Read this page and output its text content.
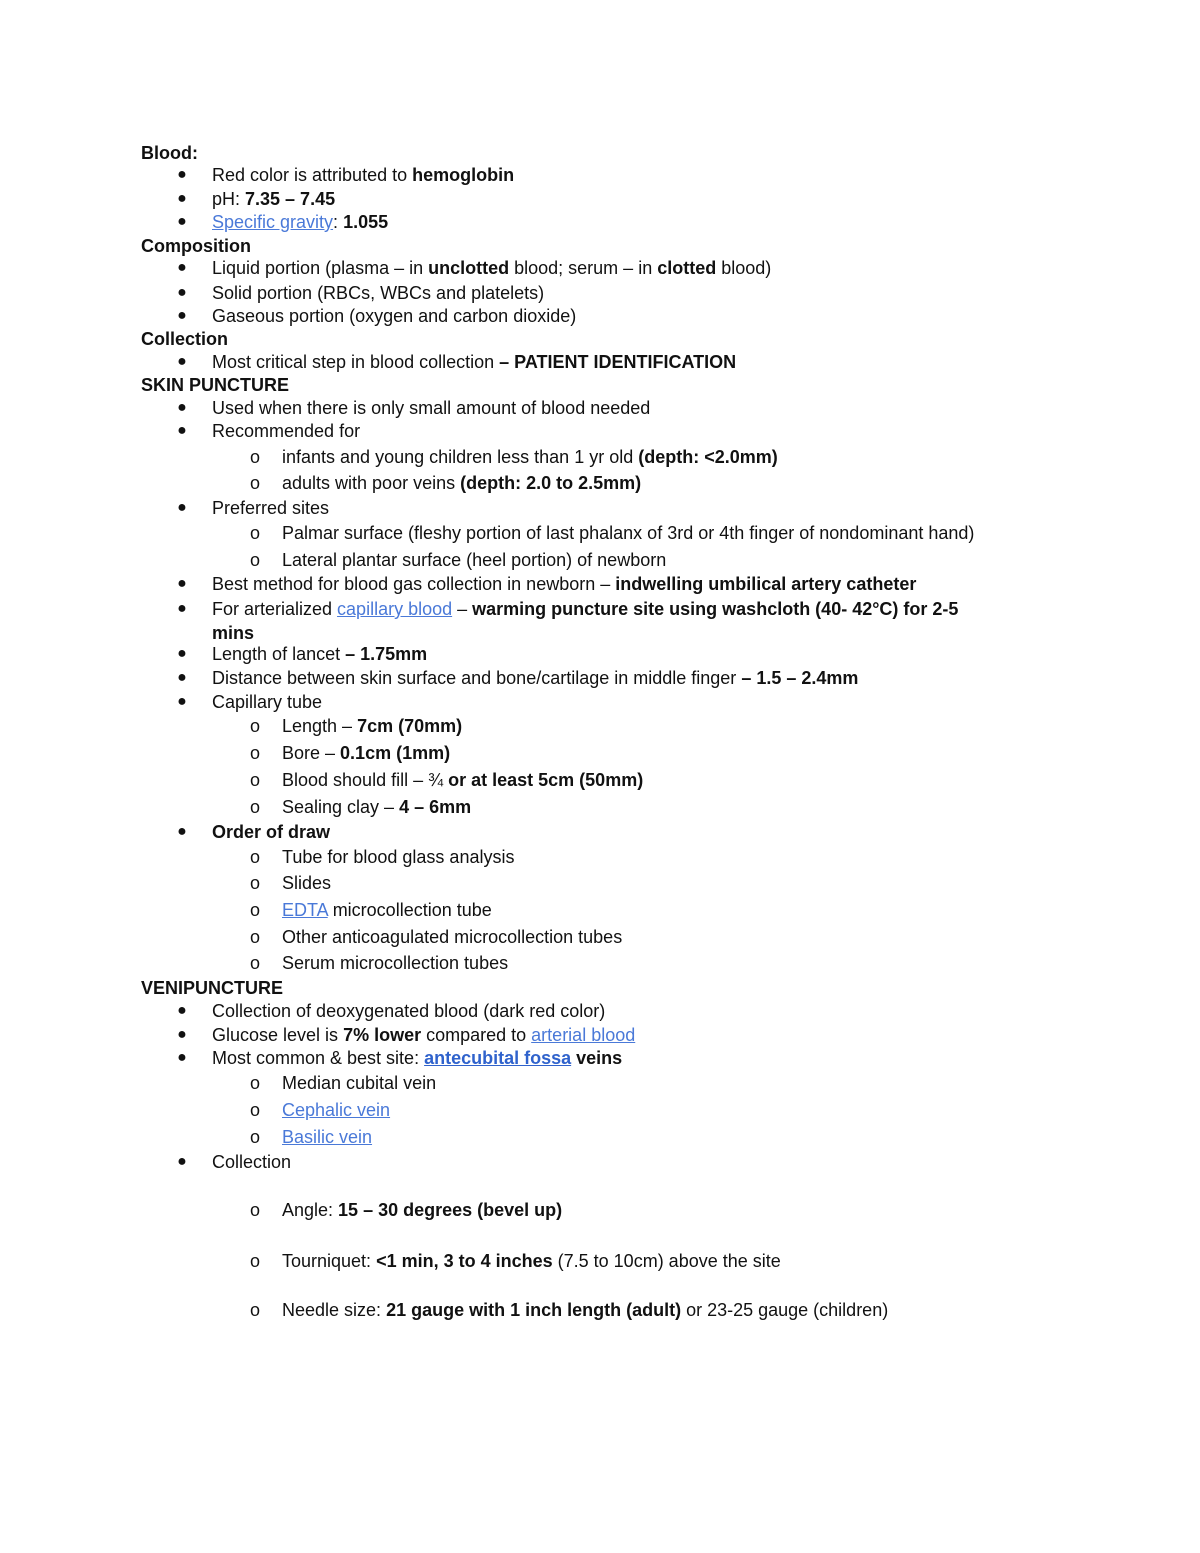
Blood:
● Red color is attributed to hemoglobin
● pH: 7.35 – 7.45
● Specific gravity: 1.055
Composition
● Liquid portion (plasma – in unclotted blood; serum – in clotted blood)
● Solid portion (RBCs, WBCs and platelets)
● Gaseous portion (oxygen and carbon dioxide)
Collection
● Most critical step in blood collection – PATIENT IDENTIFICATION
SKIN PUNCTURE
● Used when there is only small amount of blood needed
● Recommended for
o infants and young children less than 1 yr old (depth: <2.0mm)
o adults with poor veins (depth: 2.0 to 2.5mm)
● Preferred sites
o Palmar surface (fleshy portion of last phalanx of 3rd or 4th finger of nondominant hand)
o Lateral plantar surface (heel portion) of newborn
● Best method for blood gas collection in newborn – indwelling umbilical artery catheter
● For arterialized capillary blood – warming puncture site using washcloth (40- 42°C) for 2-5
mins
● Length of lancet – 1.75mm
● Distance between skin surface and bone/cartilage in middle finger – 1.5 – 2.4mm
● Capillary tube
o Length – 7cm (70mm)
o Bore – 0.1cm (1mm)
o Blood should fill – ¾ or at least 5cm (50mm)
o Sealing clay – 4 – 6mm
● Order of draw
o Tube for blood glass analysis
o Slides
o EDTA microcollection tube
o Other anticoagulated microcollection tubes
o Serum microcollection tubes
VENIPUNCTURE
● Collection of deoxygenated blood (dark red color)
● Glucose level is 7% lower compared to arterial blood
● Most common & best site: antecubital fossa veins
o Median cubital vein
o Cephalic vein
o Basilic vein
● Collection
o Angle: 15 – 30 degrees (bevel up)
o Tourniquet: <1 min, 3 to 4 inches (7.5 to 10cm) above the site
o Needle size: 21 gauge with 1 inch length (adult) or 23-25 gauge (children)
